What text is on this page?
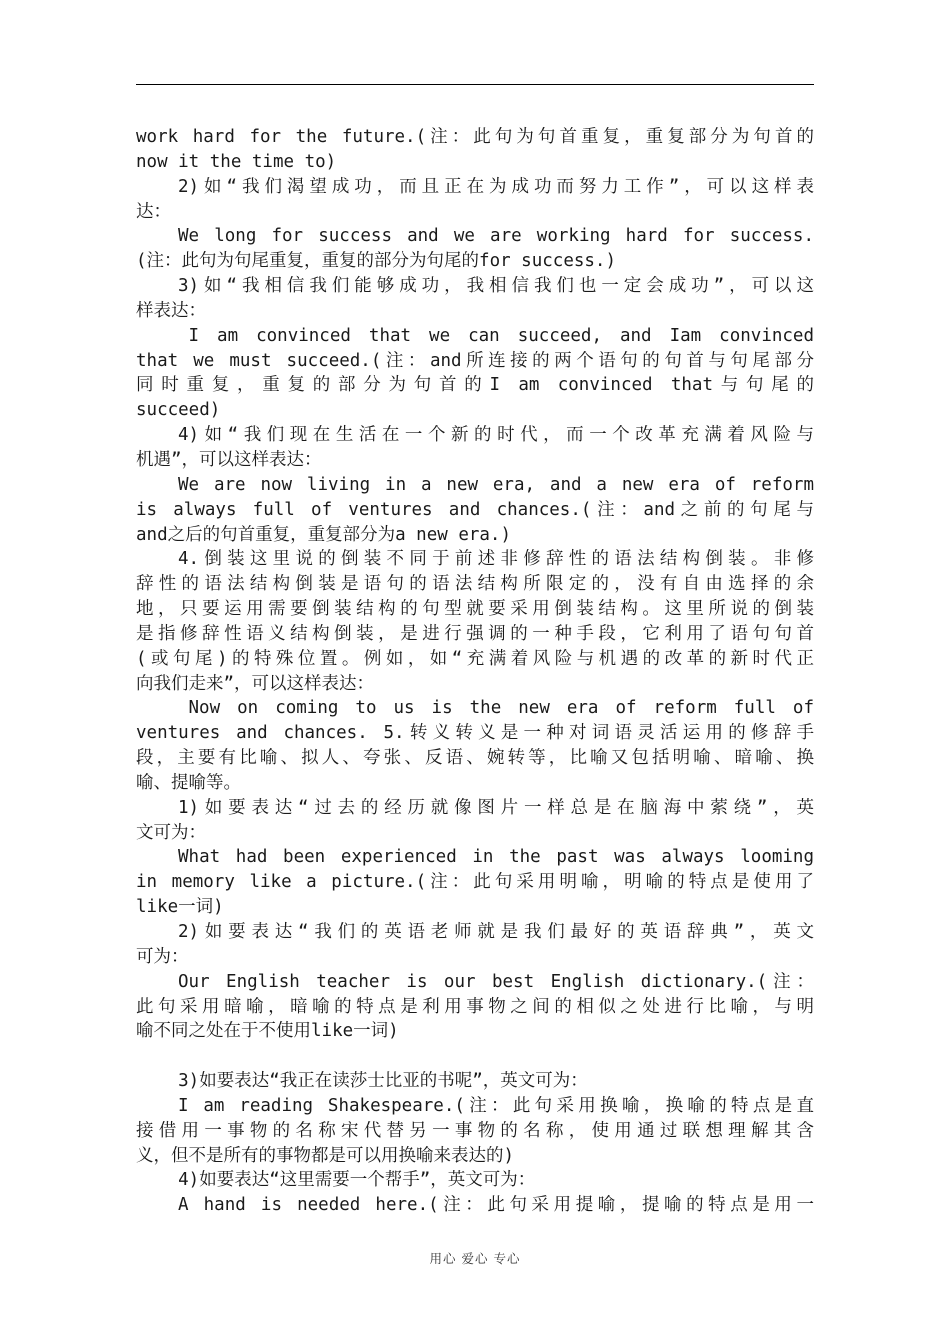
work hard for the future.(注：此句为句首重复，重复部分为句首的
now it the time to)
2)如“我们渴望成功，而且正在为成功而努力工作”，可以这样表
达：
We long for success and we are working hard for success.
(注：此句为句尾重复，重复的部分为句尾的for success.)
3)如“我相信我们能够成功，我相信我们也一定会成功”，可以这
样表达：
I am convinced that we can succeed, and Iam convinced
that we must succeed.(注：and所连接的两个语句的句首与句尾部分
同时重复，重复的部分为句首的I am convinced that与句尾的
succeed)
4)如“我们现在生活在一个新的时代，而一个改革充满着风险与
机遇”，可以这样表达：
We are now living in a new era, and a new era of reform
is always full of ventures and chances.(注：and之前的句尾与
and之后的句首重复，重复部分为a new era.)
4.倒装这里说的倒装不同于前述非修辞性的语法结构倒装。非修
辞性的语法结构倒装是语句的语法结构所限定的，没有自由选择的余
地，只要运用需要倒装结构的句型就要采用倒装结构。这里所说的倒装
是指修辞性语义结构倒装，是进行强调的一种手段，它利用了语句句首
(或句尾)的特殊位置。例如，如“充满着风险与机遇的改革的新时代正
向我们走来”，可以这样表达：
Now on coming to us is the new era of reform full of
ventures and chances. 5.转义转义是一种对词语灵活运用的修辞手
段，主要有比喻、拟人、夸张、反语、婉转等，比喻又包括明喻、暗喻、换
喻、提喻等。
1)如要表达“过去的经历就像图片一样总是在脑海中萦绕”，英
文可为：
What had been experienced in the past was always looming
in memory like a picture.(注：此句采用明喻，明喻的特点是使用了
like一词)
2)如要表达“我们的英语老师就是我们最好的英语辞典”，英文
可为：
Our English teacher is our best English dictionary.(注：
此句采用暗喻，暗喻的特点是利用事物之间的相似之处进行比喻，与明
喻不同之处在于不使用like一词)
3)如要表达“我正在读莎士比亚的书呢”，英文可为：
I am reading Shakespeare.(注：此句采用换喻，换喻的特点是直
接借用一事物的名称宋代替另一事物的名称，使用通过联想理解其含
义，但不是所有的事物都是可以用换喻来表达的)
4)如要表达“这里需要一个帮手”，英文可为：
A hand is needed here.(注：此句采用提喻，提喻的特点是用一
用心 爱心 专心
